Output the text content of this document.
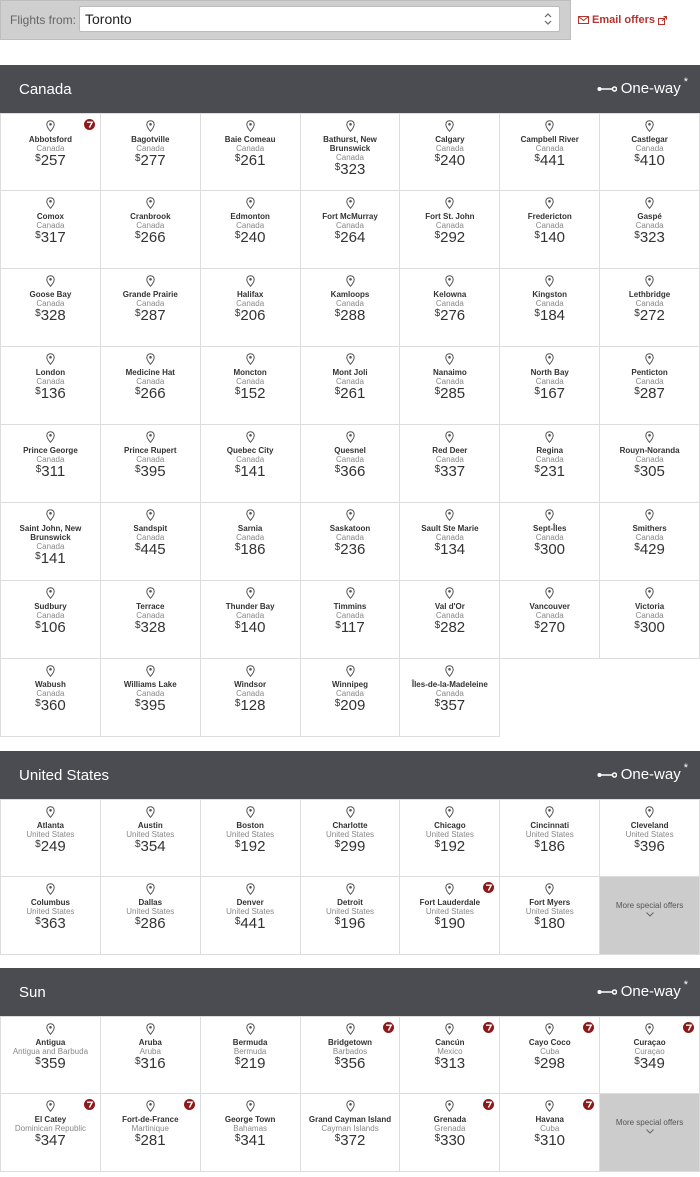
Flights from: Toronto	Email offers
Canada	One-way *
Abbotsford
Canada
$257
Bagotville
Canada
$277
Baie Comeau
Canada
$261
Bathurst, New Brunswick
Canada
$323
Calgary
Canada
$240
Campbell River
Canada
$441
Castlegar
Canada
$410
Comox
Canada
$317
Cranbrook
Canada
$266
Edmonton
Canada
$240
Fort McMurray
Canada
$264
Fort St. John
Canada
$292
Fredericton
Canada
$140
Gaspé
Canada
$323
Goose Bay
Canada
$328
Grande Prairie
Canada
$287
Halifax
Canada
$206
Kamloops
Canada
$288
Kelowna
Canada
$276
Kingston
Canada
$184
Lethbridge
Canada
$272
London
Canada
$136
Medicine Hat
Canada
$266
Moncton
Canada
$152
Mont Joli
Canada
$261
Nanaimo
Canada
$285
North Bay
Canada
$167
Penticton
Canada
$287
Prince George
Canada
$311
Prince Rupert
Canada
$395
Quebec City
Canada
$141
Quesnel
Canada
$366
Red Deer
Canada
$337
Regina
Canada
$231
Rouyn-Noranda
Canada
$305
Saint John, New Brunswick
Canada
$141
Sandspit
Canada
$445
Sarnia
Canada
$186
Saskatoon
Canada
$236
Sault Ste Marie
Canada
$134
Sept-Îles
Canada
$300
Smithers
Canada
$429
Sudbury
Canada
$106
Terrace
Canada
$328
Thunder Bay
Canada
$140
Timmins
Canada
$117
Val d'Or
Canada
$282
Vancouver
Canada
$270
Victoria
Canada
$300
Wabush
Canada
$360
Williams Lake
Canada
$395
Windsor
Canada
$128
Winnipeg
Canada
$209
Îles-de-la-Madeleine
Canada
$357
United States	One-way *
Atlanta
United States
$249
Austin
United States
$354
Boston
United States
$192
Charlotte
United States
$299
Chicago
United States
$192
Cincinnati
United States
$186
Cleveland
United States
$396
Columbus
United States
$363
Dallas
United States
$286
Denver
United States
$441
Detroit
United States
$196
Fort Lauderdale
United States
$190
Fort Myers
United States
$180
More special offers
Sun	One-way *
Antigua
Antigua and Barbuda
$359
Aruba
Aruba
$316
Bermuda
Bermuda
$219
Bridgetown
Barbados
$356
Cancún
Mexico
$313
Cayo Coco
Cuba
$298
Curaçao
Curaçao
$349
El Catey
Dominican Republic
$347
Fort-de-France
Martinique
$281
George Town
Bahamas
$341
Grand Cayman Island
Cayman Islands
$372
Grenada
Grenada
$330
Havana
Cuba
$310
More special offers
